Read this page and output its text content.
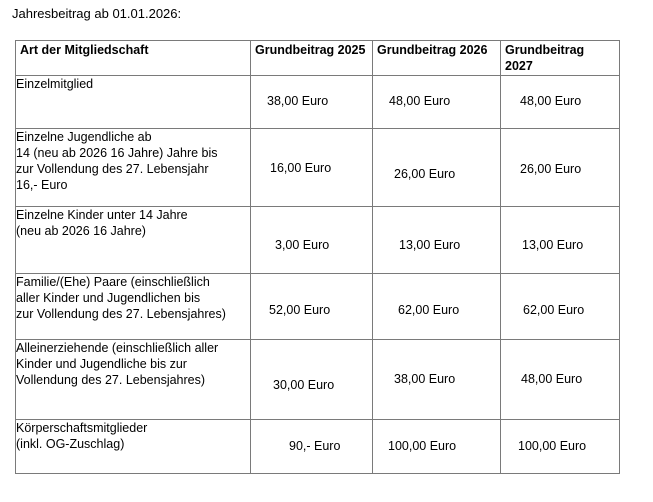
Jahresbeitrag ab 01.01.2026:
Art der Mitgliedschaft	Grundbeitrag 2025	Grundbeitrag 2026	Grundbeitrag 2027
Einzelmitglied	38,00 Euro	48,00 Euro	48,00 Euro

Einzelne Jugendliche ab
14 (neu ab 2026 16 Jahre) Jahre bis
zur Vollendung des 27. Lebensjahr
16,- Euro	16,00 Euro	26,00 Euro	26,00 Euro

Einzelne Kinder unter 14 Jahre
(neu ab 2026 16 Jahre)	3,00 Euro	13,00 Euro	13,00 Euro

Familie/(Ehe) Paare (einschließlich
aller Kinder und Jugendlichen bis
zur Vollendung des 27. Lebensjahres)	52,00 Euro	62,00 Euro	62,00 Euro

Alleinerziehende (einschließlich aller
Kinder und Jugendliche bis zur
Vollendung des 27. Lebensjahres)	30,00 Euro	38,00 Euro	48,00 Euro

Körperschaftsmitglieder
(inkl. OG-Zuschlag)	90,- Euro	100,00 Euro	100,00 Euro
